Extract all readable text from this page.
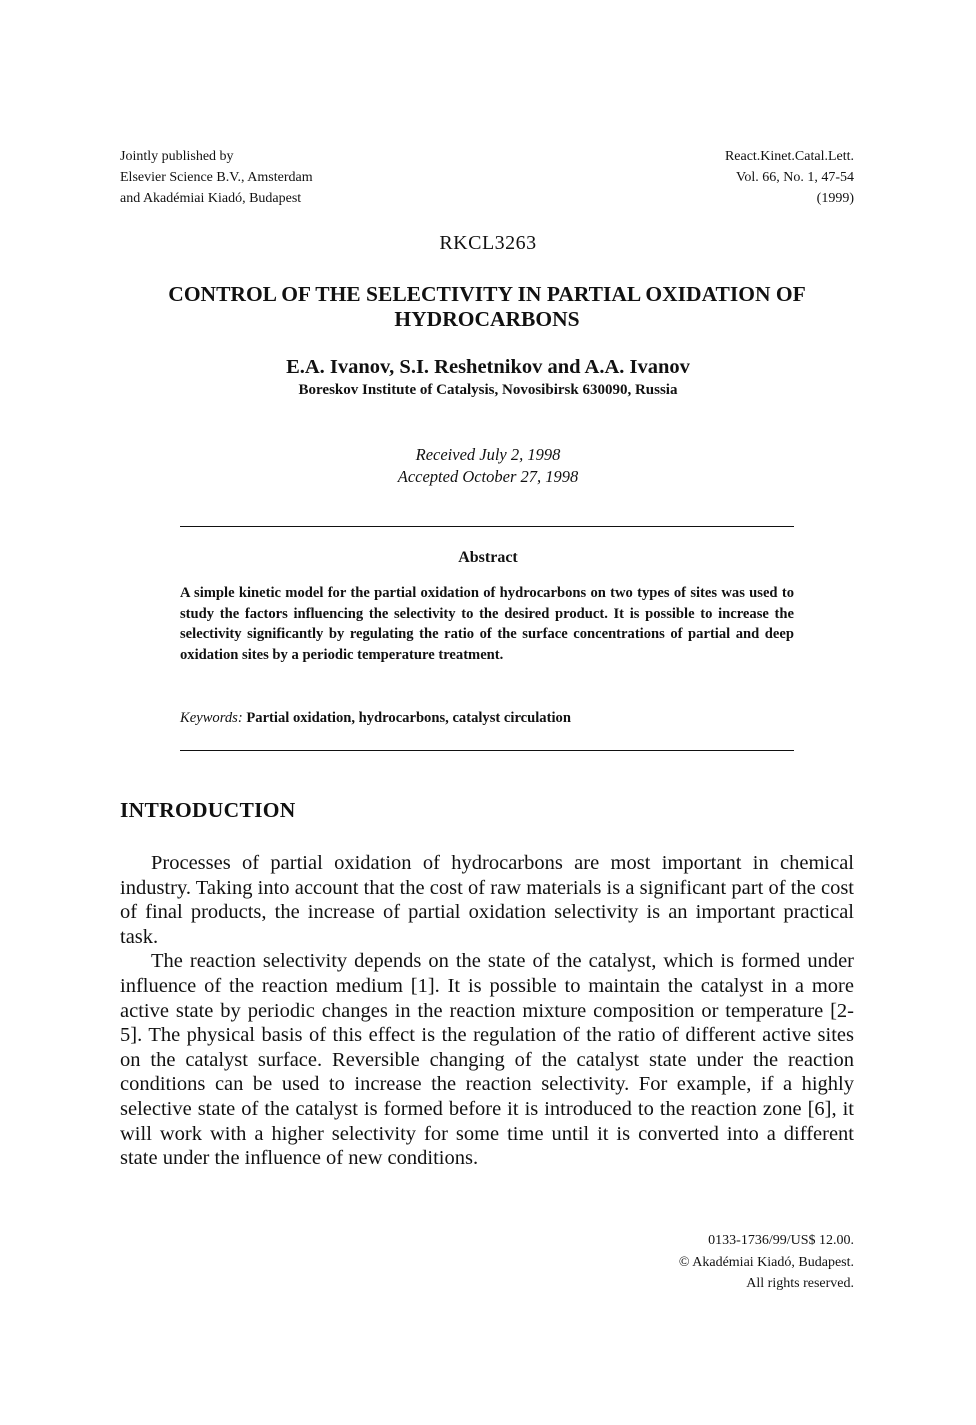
Jointly published by
Elsevier Science B.V., Amsterdam
and Akadémiai Kiadó, Budapest
React.Kinet.Catal.Lett.
Vol. 66, No. 1, 47-54
(1999)
RKCL3263
CONTROL OF THE SELECTIVITY IN PARTIAL OXIDATION OF HYDROCARBONS
E.A. Ivanov, S.I. Reshetnikov and A.A. Ivanov
Boreskov Institute of Catalysis, Novosibirsk 630090, Russia
Received July 2, 1998
Accepted October 27, 1998
Abstract
A simple kinetic model for the partial oxidation of hydrocarbons on two types of sites was used to study the factors influencing the selectivity to the desired product. It is possible to increase the selectivity significantly by regulating the ratio of the surface concentrations of partial and deep oxidation sites by a periodic temperature treatment.
Keywords: Partial oxidation, hydrocarbons, catalyst circulation
INTRODUCTION

Processes of partial oxidation of hydrocarbons are most important in chemical industry. Taking into account that the cost of raw materials is a significant part of the cost of final products, the increase of partial oxidation selectivity is an important practical task.

The reaction selectivity depends on the state of the catalyst, which is formed under influence of the reaction medium [1]. It is possible to maintain the catalyst in a more active state by periodic changes in the reaction mixture composition or temperature [2-5]. The physical basis of this effect is the regulation of the ratio of different active sites on the catalyst surface. Reversible changing of the catalyst state under the reaction conditions can be used to increase the reaction selectivity. For example, if a highly selective state of the catalyst is formed before it is introduced to the reaction zone [6], it will work with a higher selectivity for some time until it is converted into a different state under the influence of new conditions.

0133-1736/99/US$ 12.00.
© Akadémiai Kiadó, Budapest.
All rights reserved.
